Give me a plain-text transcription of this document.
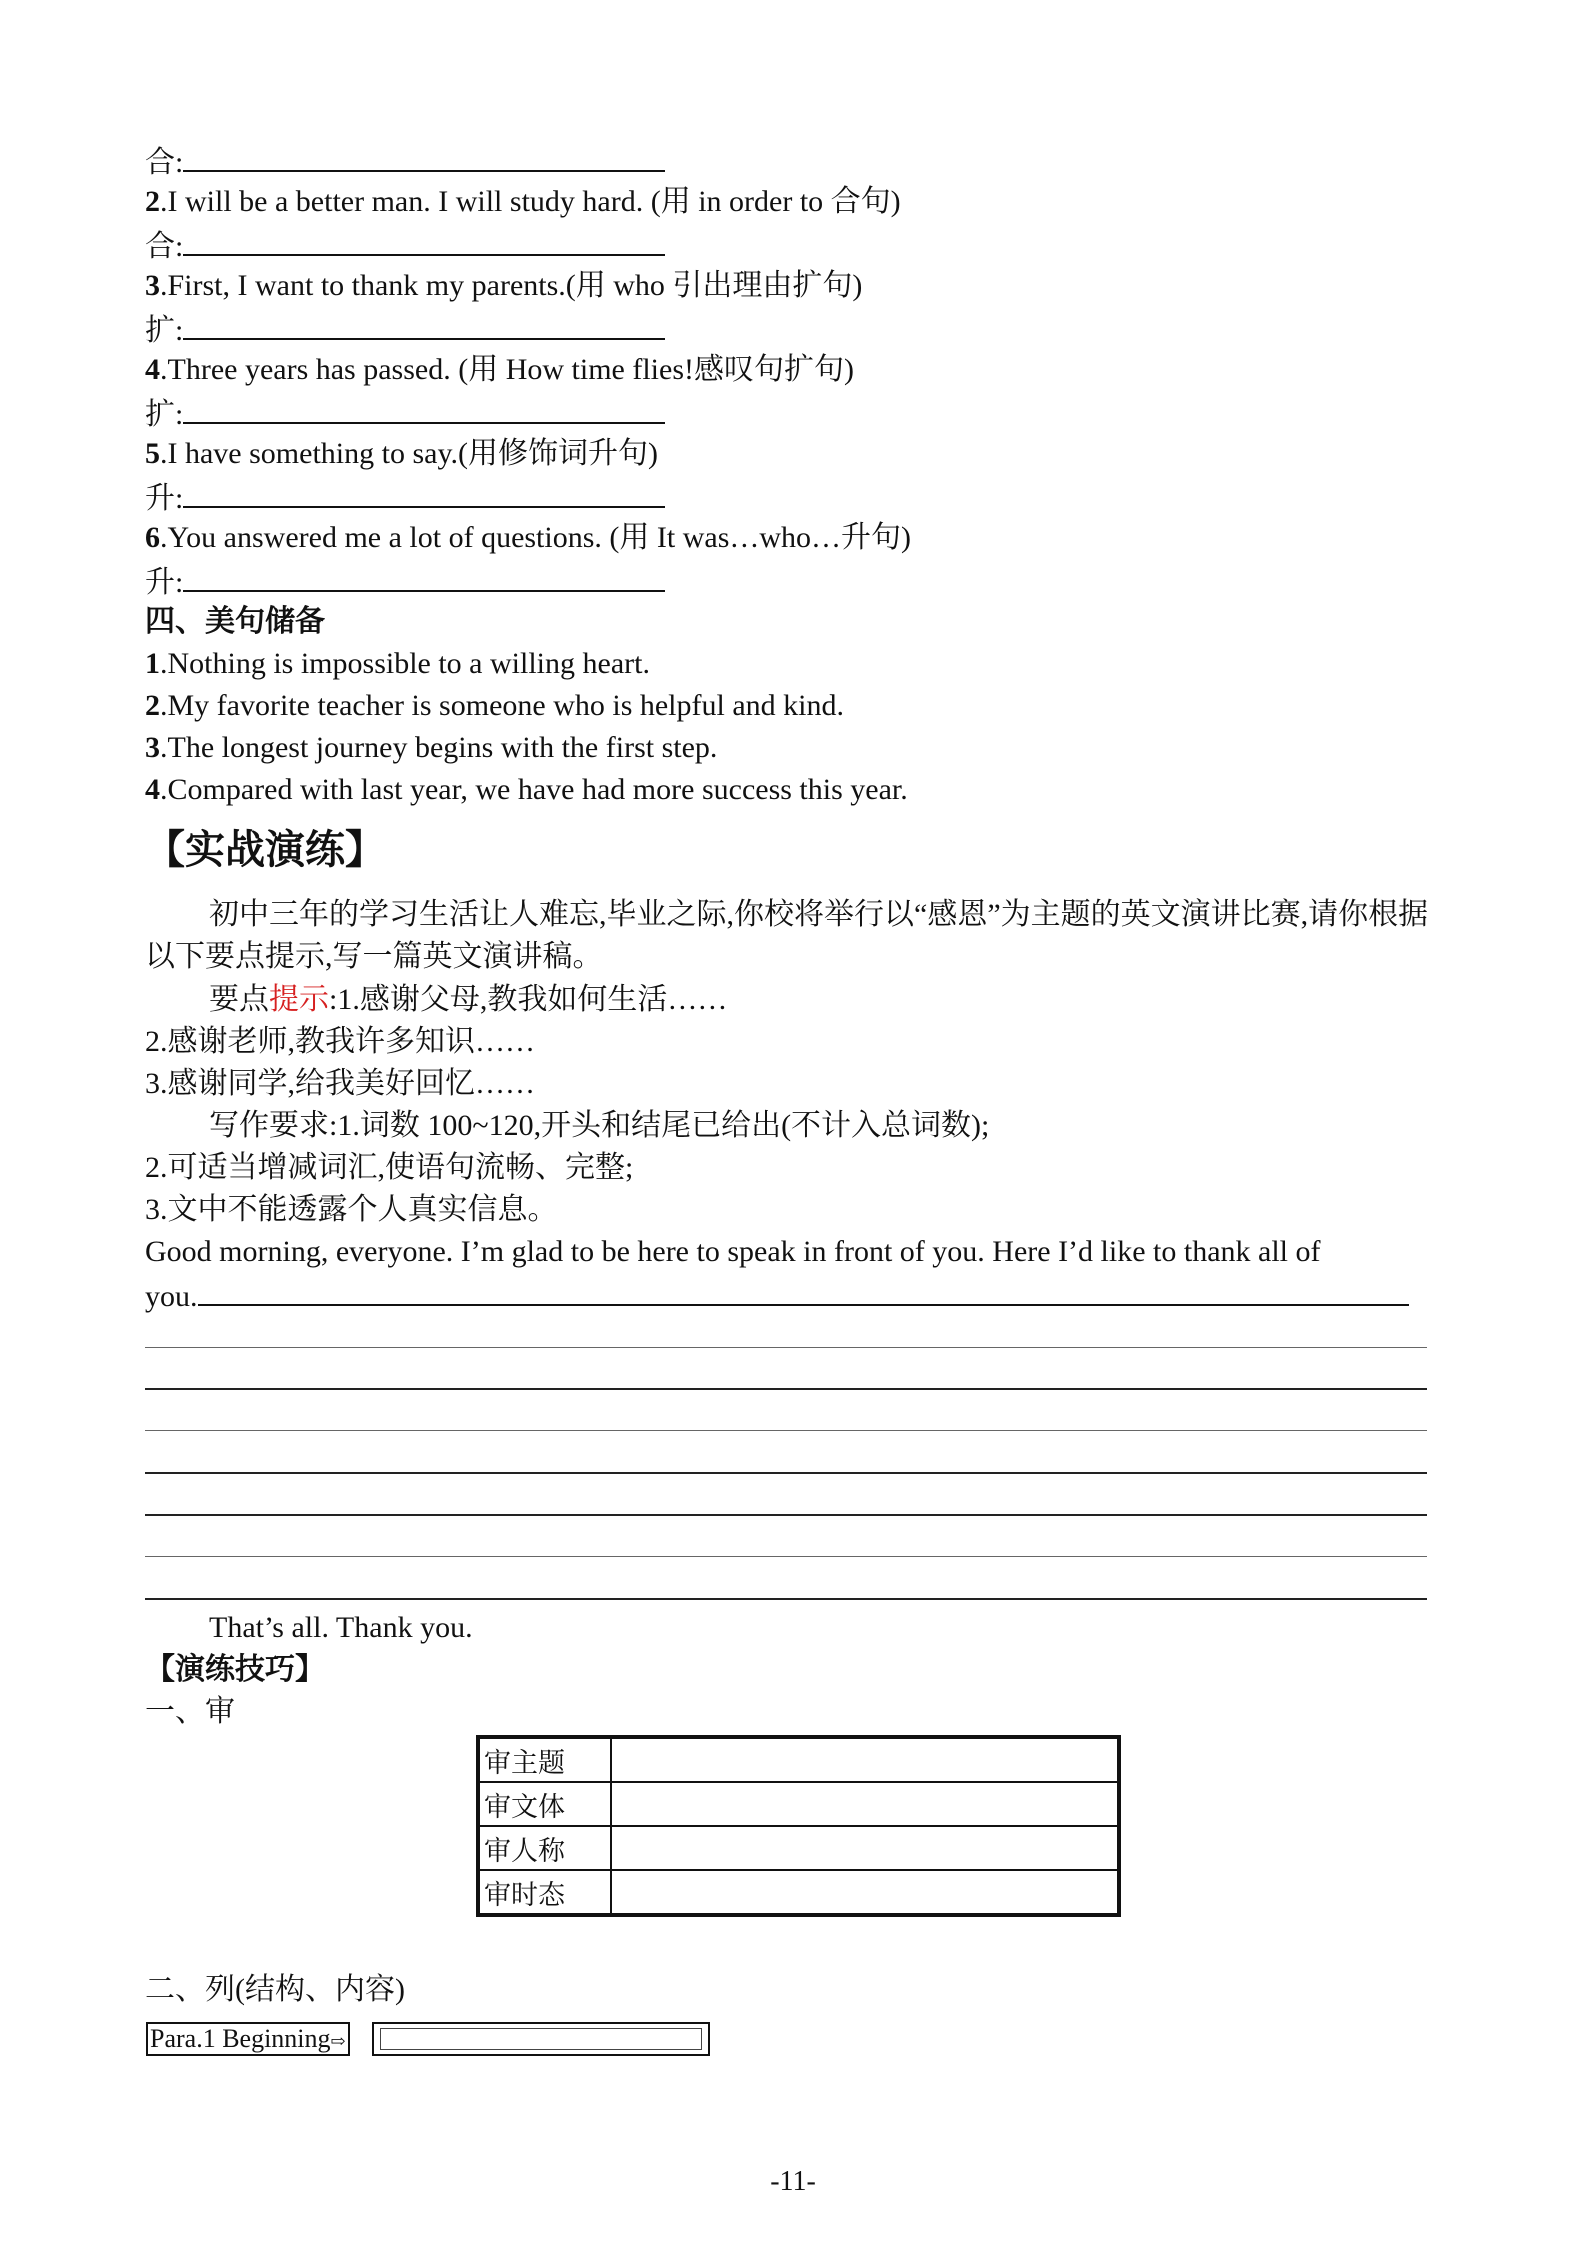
合:
2.I will be a better man. I will study hard. (用 in order to 合句)
合:
3.First, I want to thank my parents.(用 who 引出理由扩句)
扩:
4.Three years has passed. (用 How time flies!感叹句扩句)
扩:
5.I have something to say.(用修饰词升句)
升:
6.You answered me a lot of questions. (用 It was…who…升句)
升:
四、美句储备
1.Nothing is impossible to a willing heart.
2.My favorite teacher is someone who is helpful and kind.
3.The longest journey begins with the first step.
4.Compared with last year, we have had more success this year.
【实战演练】
初中三年的学习生活让人难忘,毕业之际,你校将举行以“感恩”为主题的英文演讲比赛,请你根据以下要点提示,写一篇英文演讲稿。
要点提示:1.感谢父母,教我如何生活……
2.感谢老师,教我许多知识……
3.感谢同学,给我美好回忆……
写作要求:1.词数 100~120,开头和结尾已给出(不计入总词数);
2.可适当增减词汇,使语句流畅、完整;
3.文中不能透露个人真实信息。
Good morning, everyone. I’m glad to be here to speak in front of you. Here I’d like to thank all of
you.
That’s all. Thank you.
【演练技巧】
一、审
审主题	
审文体	
审人称	
审时态	
二、列(结构、内容)
Para.1 Beginning⇨
-11-
